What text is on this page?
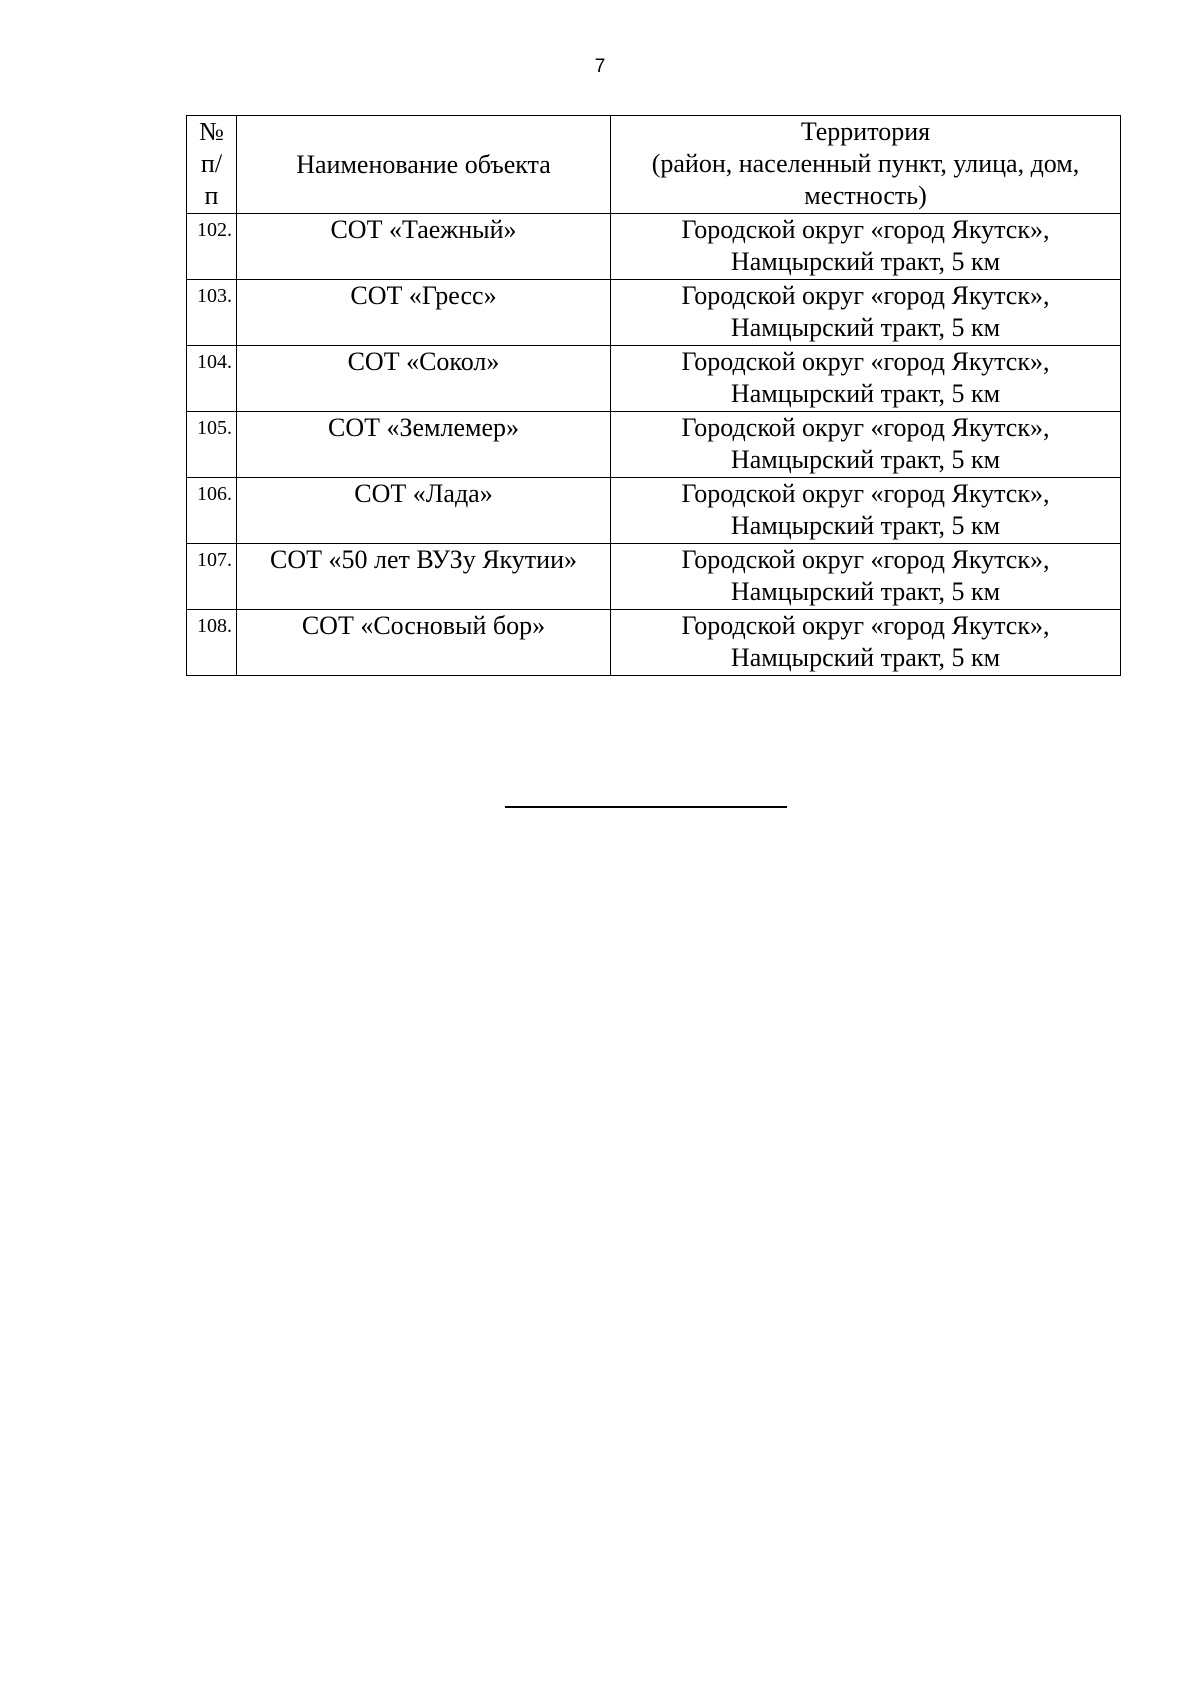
7
№
п/
п	Наименование объекта	Территория
(район, населенный пункт, улица, дом,
местность)

102.	СОТ «Таежный»	Городской округ «город Якутск»,
Намцырский тракт, 5 км

103.	СОТ «Гресс»	Городской округ «город Якутск»,
Намцырский тракт, 5 км

104.	СОТ «Сокол»	Городской округ «город Якутск»,
Намцырский тракт, 5 км

105.	СОТ «Землемер»	Городской округ «город Якутск»,
Намцырский тракт, 5 км

106.	СОТ «Лада»	Городской округ «город Якутск»,
Намцырский тракт, 5 км

107.	СОТ «50 лет ВУЗу Якутии»	Городской округ «город Якутск»,
Намцырский тракт, 5 км

108.	СОТ «Сосновый бор»	Городской округ «город Якутск»,
Намцырский тракт, 5 км
